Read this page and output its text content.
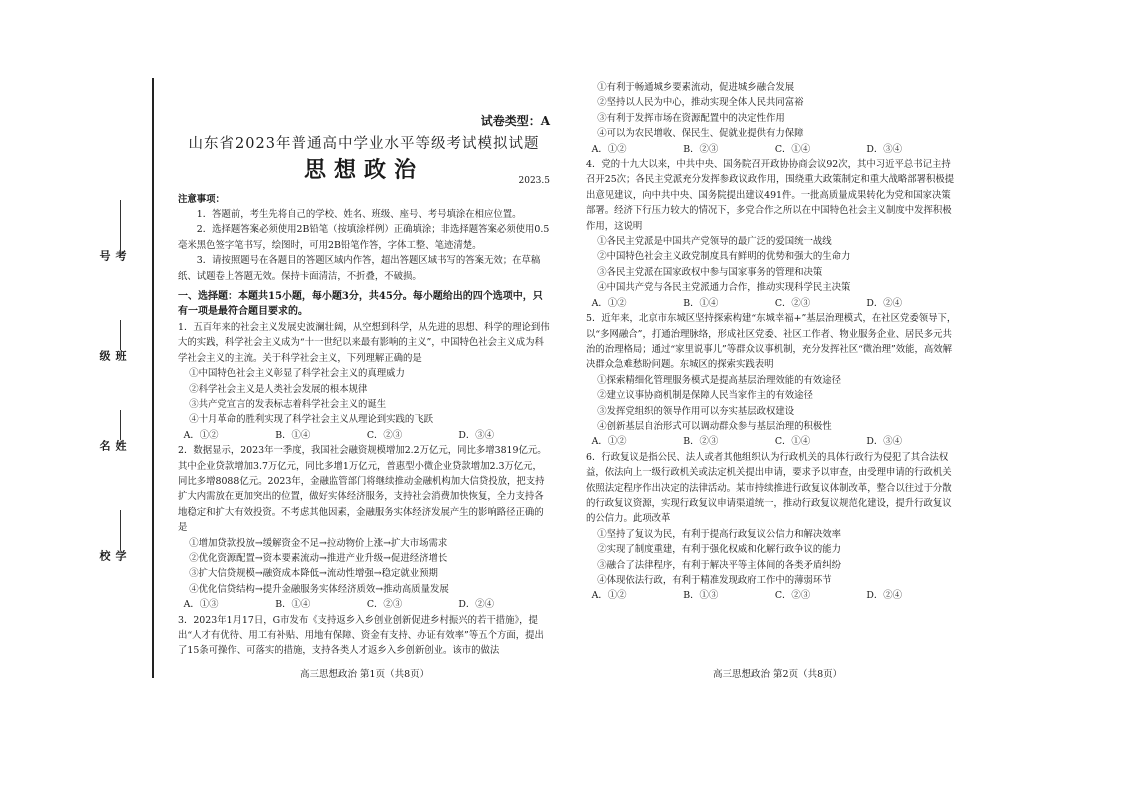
考号
班级
姓名
学校
试卷类型：A
山东省2023年普通高中学业水平等级考试模拟试题
思想政治	2023.5
注意事项：

1．答题前，考生先将自己的学校、姓名、班级、座号、考号填涂在相应位置。

2．选择题答案必须使用2B铅笔（按填涂样例）正确填涂；非选择题答案必须使用0.5毫米黑色签字笔书写，绘图时，可用2B铅笔作答，字体工整、笔迹清楚。

3．请按照题号在各题目的答题区域内作答，超出答题区域书写的答案无效；在草稿纸、试题卷上答题无效。保持卡面清洁，不折叠，不破损。

一、选择题：本题共15小题，每小题3分，共45分。每小题给出的四个选项中，只有一项是最符合题目要求的。

1．五百年来的社会主义发展史波澜壮阔，从空想到科学，从先进的思想、科学的理论到伟大的实践，科学社会主义成为“十一世纪以来最有影响的主义”，中国特色社会主义成为科学社会主义的主流。关于科学社会主义，下列理解正确的是

①中国特色社会主义彰显了科学社会主义的真理威力

②科学社会主义是人类社会发展的根本规律

③共产党宣言的发表标志着科学社会主义的诞生

④十月革命的胜利实现了科学社会主义从理论到实践的飞跃

A．①②	B．①④	C．②③	D．③④

2．数据显示，2023年一季度，我国社会融资规模增加2.2万亿元，同比多增3819亿元。其中企业贷款增加3.7万亿元，同比多增1万亿元，普惠型小微企业贷款增加2.3万亿元，同比多增8088亿元。2023年，金融监管部门将继续推动金融机构加大信贷投放，把支持扩大内需放在更加突出的位置，做好实体经济服务，支持社会消费加快恢复，全力支持各地稳定和扩大有效投资。不考虑其他因素，金融服务实体经济发展产生的影响路径正确的是

①增加贷款投放→缓解资金不足→拉动物价上涨→扩大市场需求

②优化资源配置→资本要素流动→推进产业升级→促进经济增长

③扩大信贷规模→融资成本降低→流动性增强→稳定就业预期

④优化信贷结构→提升金融服务实体经济质效→推动高质量发展

A．①③	B．①④	C．②③	D．②④

3．2023年1月17日，G市发布《支持返乡入乡创业创新促进乡村振兴的若干措施》，提出“人才有优待、用工有补贴、用地有保障、资金有支持、办证有效率”等五个方面，提出了15条可操作、可落实的措施，支持各类人才返乡入乡创新创业。该市的做法

①有利于畅通城乡要素流动，促进城乡融合发展

②坚持以人民为中心，推动实现全体人民共同富裕

③有利于发挥市场在资源配置中的决定性作用

④可以为农民增收、保民生、促就业提供有力保障

A．①②	B．②③	C．①④	D．③④

4．党的十九大以来，中共中央、国务院召开政协协商会议92次，其中习近平总书记主持召开25次；各民主党派充分发挥参政议政作用，围绕重大政策制定和重大战略部署积极提出意见建议，向中共中央、国务院提出建议491件。一批高质量成果转化为党和国家决策部署。经济下行压力较大的情况下，多党合作之所以在中国特色社会主义制度中发挥积极作用，这说明

①各民主党派是中国共产党领导的最广泛的爱国统一战线

②中国特色社会主义政党制度具有鲜明的优势和强大的生命力

③各民主党派在国家政权中参与国家事务的管理和决策

④中国共产党与各民主党派通力合作，推动实现科学民主决策

A．①②	B．①④	C．②③	D．②④

5．近年来，北京市东城区坚持探索构建“东城幸福+”基层治理模式，在社区党委领导下，以“多网融合”，打通治理脉络，形成社区党委、社区工作者、物业服务企业、居民多元共治的治理格局；通过“家里说事儿”等群众议事机制，充分发挥社区“微治理”效能，高效解决群众急难愁盼问题。东城区的探索实践表明

①探索精细化管理服务模式是提高基层治理效能的有效途径

②建立议事协商机制是保障人民当家作主的有效途径

③发挥党组织的领导作用可以夯实基层政权建设

④创新基层自治形式可以调动群众参与基层治理的积极性

A．①②	B．②③	C．①④	D．③④

6．行政复议是指公民、法人或者其他组织认为行政机关的具体行政行为侵犯了其合法权益，依法向上一级行政机关或法定机关提出申请，要求予以审查，由受理申请的行政机关依照法定程序作出决定的法律活动。某市持续推进行政复议体制改革，整合以往过于分散的行政复议资源，实现行政复议申请渠道统一，推动行政复议规范化建设，提升行政复议的公信力。此项改革

①坚持了复议为民，有利于提高行政复议公信力和解决效率

②实现了制度重建，有利于强化权威和化解行政争议的能力

③融合了法律程序，有利于解决平等主体间的各类矛盾纠纷

④体现依法行政，有利于精准发现政府工作中的薄弱环节

A．①②	B．①③	C．②③	D．②④
高三思想政治 第1页（共8页）	高三思想政治 第2页（共8页）
